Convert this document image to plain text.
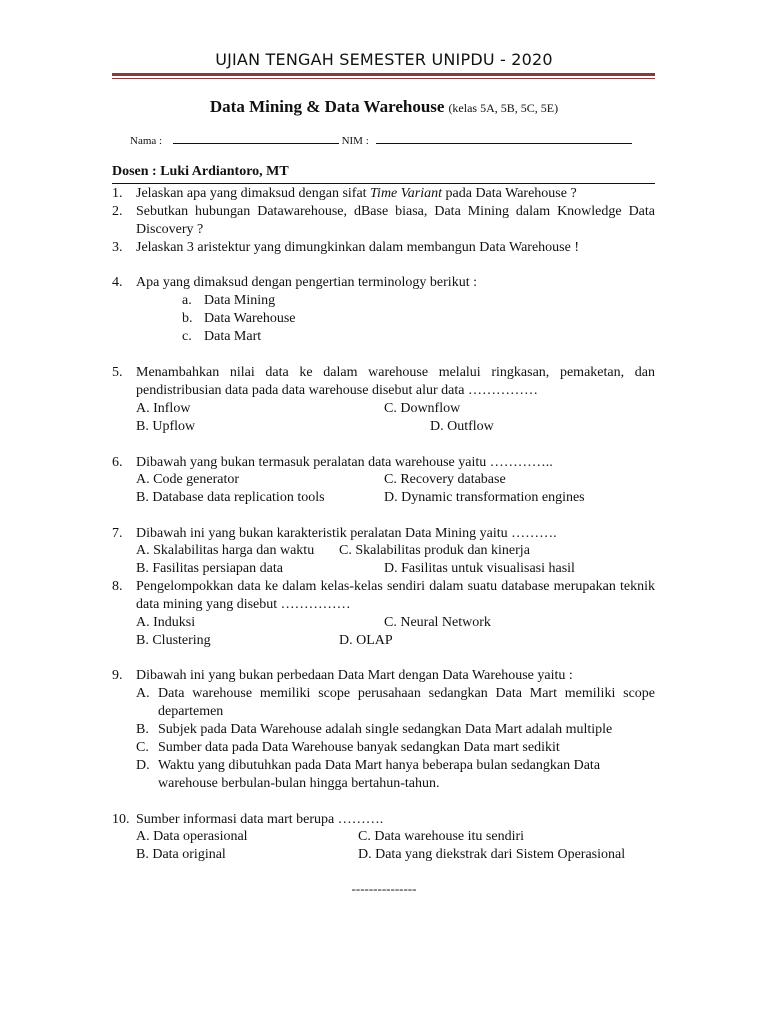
UJIAN TENGAH SEMESTER UNIPDU - 2020
Data Mining & Data Warehouse (kelas 5A, 5B, 5C, 5E)
Nama :	NIM :
Dosen : Luki Ardiantoro, MT
1. Jelaskan apa yang dimaksud dengan sifat Time Variant pada Data Warehouse ?
2. Sebutkan hubungan Datawarehouse, dBase biasa, Data Mining dalam Knowledge Data Discovery ?
3. Jelaskan 3 aristektur yang dimungkinkan dalam membangun Data Warehouse !
4. Apa yang dimaksud dengan pengertian terminology berikut :
a. Data Mining
b. Data Warehouse
c. Data Mart
5. Menambahkan nilai data ke dalam warehouse melalui ringkasan, pemaketan, dan pendistribusian data pada data warehouse disebut alur data ……………
A. Inflow	C. Downflow
B. Upflow	D. Outflow
6. Dibawah yang bukan termasuk peralatan data warehouse yaitu …………..
A. Code generator	C. Recovery database
B. Database data replication tools	D. Dynamic transformation engines
7. Dibawah ini yang bukan karakteristik peralatan Data Mining yaitu ……….
A. Skalabilitas harga dan waktu C. Skalabilitas produk dan kinerja
B. Fasilitas persiapan data	D. Fasilitas untuk visualisasi hasil
8. Pengelompokkan data ke dalam kelas-kelas sendiri dalam suatu database merupakan teknik data mining yang disebut ……………
A. Induksi	C. Neural Network
B. Clustering	D. OLAP
9. Dibawah ini yang bukan perbedaan Data Mart dengan Data Warehouse yaitu :
A. Data warehouse memiliki scope perusahaan sedangkan Data Mart memiliki scope departemen
B. Subjek pada Data Warehouse adalah single sedangkan Data Mart adalah multiple
C. Sumber data pada Data Warehouse banyak sedangkan Data mart sedikit
D. Waktu yang dibutuhkan pada Data Mart hanya beberapa bulan sedangkan Data warehouse berbulan-bulan hingga bertahun-tahun.
10. Sumber informasi data mart berupa ……….
A. Data operasional	C. Data warehouse itu sendiri
B. Data original	D. Data yang diekstrak dari Sistem Operasional
---------------
